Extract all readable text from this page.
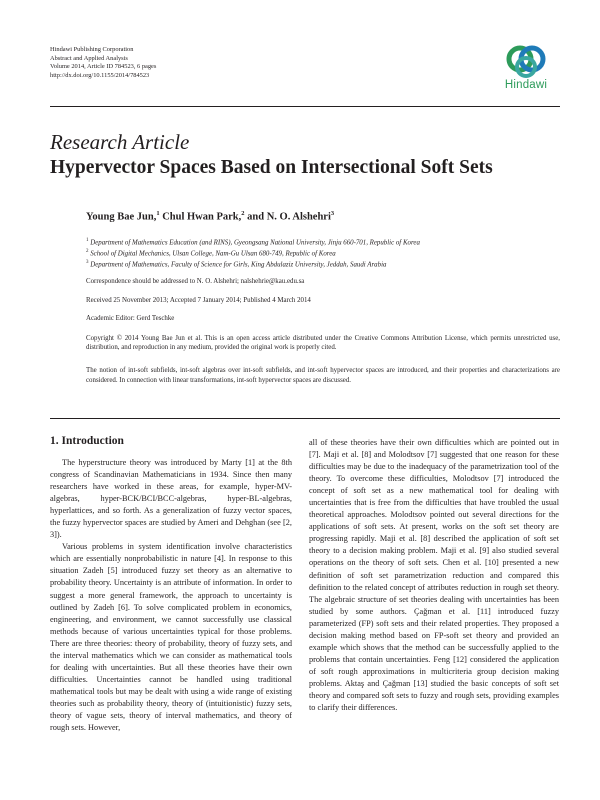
Hindawi Publishing Corporation
Abstract and Applied Analysis
Volume 2014, Article ID 784523, 6 pages
http://dx.doi.org/10.1155/2014/784523
Hindawi
Research Article
Hypervector Spaces Based on Intersectional Soft Sets
Young Bae Jun,$^1$ Chul Hwan Park,$^2$ and N. O. Alshehri$^3$
$^1$ Department of Mathematics Education (and RINS), Gyeongsang National University, Jinju 660-701, Republic of Korea
$^2$ School of Digital Mechanics, Ulsan College, Nam-Gu Ulsan 680-749, Republic of Korea
$^3$ Department of Mathematics, Faculty of Science for Girls, King Abdulaziz University, Jeddah, Saudi Arabia
Correspondence should be addressed to N. O. Alshehri; nalshehrie@kau.edu.sa
Received 25 November 2013; Accepted 7 January 2014; Published 4 March 2014
Academic Editor: Gerd Teschke
Copyright © 2014 Young Bae Jun et al. This is an open access article distributed under the Creative Commons Attribution License, which permits unrestricted use, distribution, and reproduction in any medium, provided the original work is properly cited.
The notion of int-soft subfields, int-soft algebras over int-soft subfields, and int-soft hypervector spaces are introduced, and their properties and characterizations are considered. In connection with linear transformations, int-soft hypervector spaces are discussed.
1. Introduction

The hyperstructure theory was introduced by Marty [1] at the 8th congress of Scandinavian Mathematicians in 1934. Since then many researchers have worked in these areas, for example, hyper-MV-algebras, hyper-BCK/BCI/BCC-algebras, hyper-BL-algebras, hyperlattices, and so forth. As a generalization of fuzzy vector spaces, the fuzzy hypervector spaces are studied by Ameri and Dehghan (see [2, 3]).

Various problems in system identification involve characteristics which are essentially nonprobabilistic in nature [4]. In response to this situation Zadeh [5] introduced fuzzy set theory as an alternative to probability theory. Uncertainty is an attribute of information. In order to suggest a more general framework, the approach to uncertainty is outlined by Zadeh [6]. To solve complicated problem in economics, engineering, and environment, we cannot successfully use classical methods because of various uncertainties typical for those problems. There are three theories: theory of probability, theory of fuzzy sets, and the interval mathematics which we can consider as mathematical tools for dealing with uncertainties. But all these theories have their own difficulties. Uncertainties cannot be handled using traditional mathematical tools but may be dealt with using a wide range of existing theories such as probability theory, theory of (intuitionistic) fuzzy sets, theory of vague sets, theory of interval mathematics, and theory of rough sets. However,

all of these theories have their own difficulties which are pointed out in [7]. Maji et al. [8] and Molodtsov [7] suggested that one reason for these difficulties may be due to the inadequacy of the parametrization tool of the theory. To overcome these difficulties, Molodtsov [7] introduced the concept of soft set as a new mathematical tool for dealing with uncertainties that is free from the difficulties that have troubled the usual theoretical approaches. Molodtsov pointed out several directions for the applications of soft sets. At present, works on the soft set theory are progressing rapidly. Maji et al. [8] described the application of soft set theory to a decision making problem. Maji et al. [9] also studied several operations on the theory of soft sets. Chen et al. [10] presented a new definition of soft set parametrization reduction and compared this definition to the related concept of attributes reduction in rough set theory. The algebraic structure of set theories dealing with uncertainties has been studied by some authors. Çağman et al. [11] introduced fuzzy parameterized (FP) soft sets and their related properties. They proposed a decision making method based on FP-soft set theory and provided an example which shows that the method can be successfully applied to the problems that contain uncertainties. Feng [12] considered the application of soft rough approximations in multicriteria group decision making problems. Aktaş and Çağman [13] studied the basic concepts of soft set theory and compared soft sets to fuzzy and rough sets, providing examples to clarify their differences.
